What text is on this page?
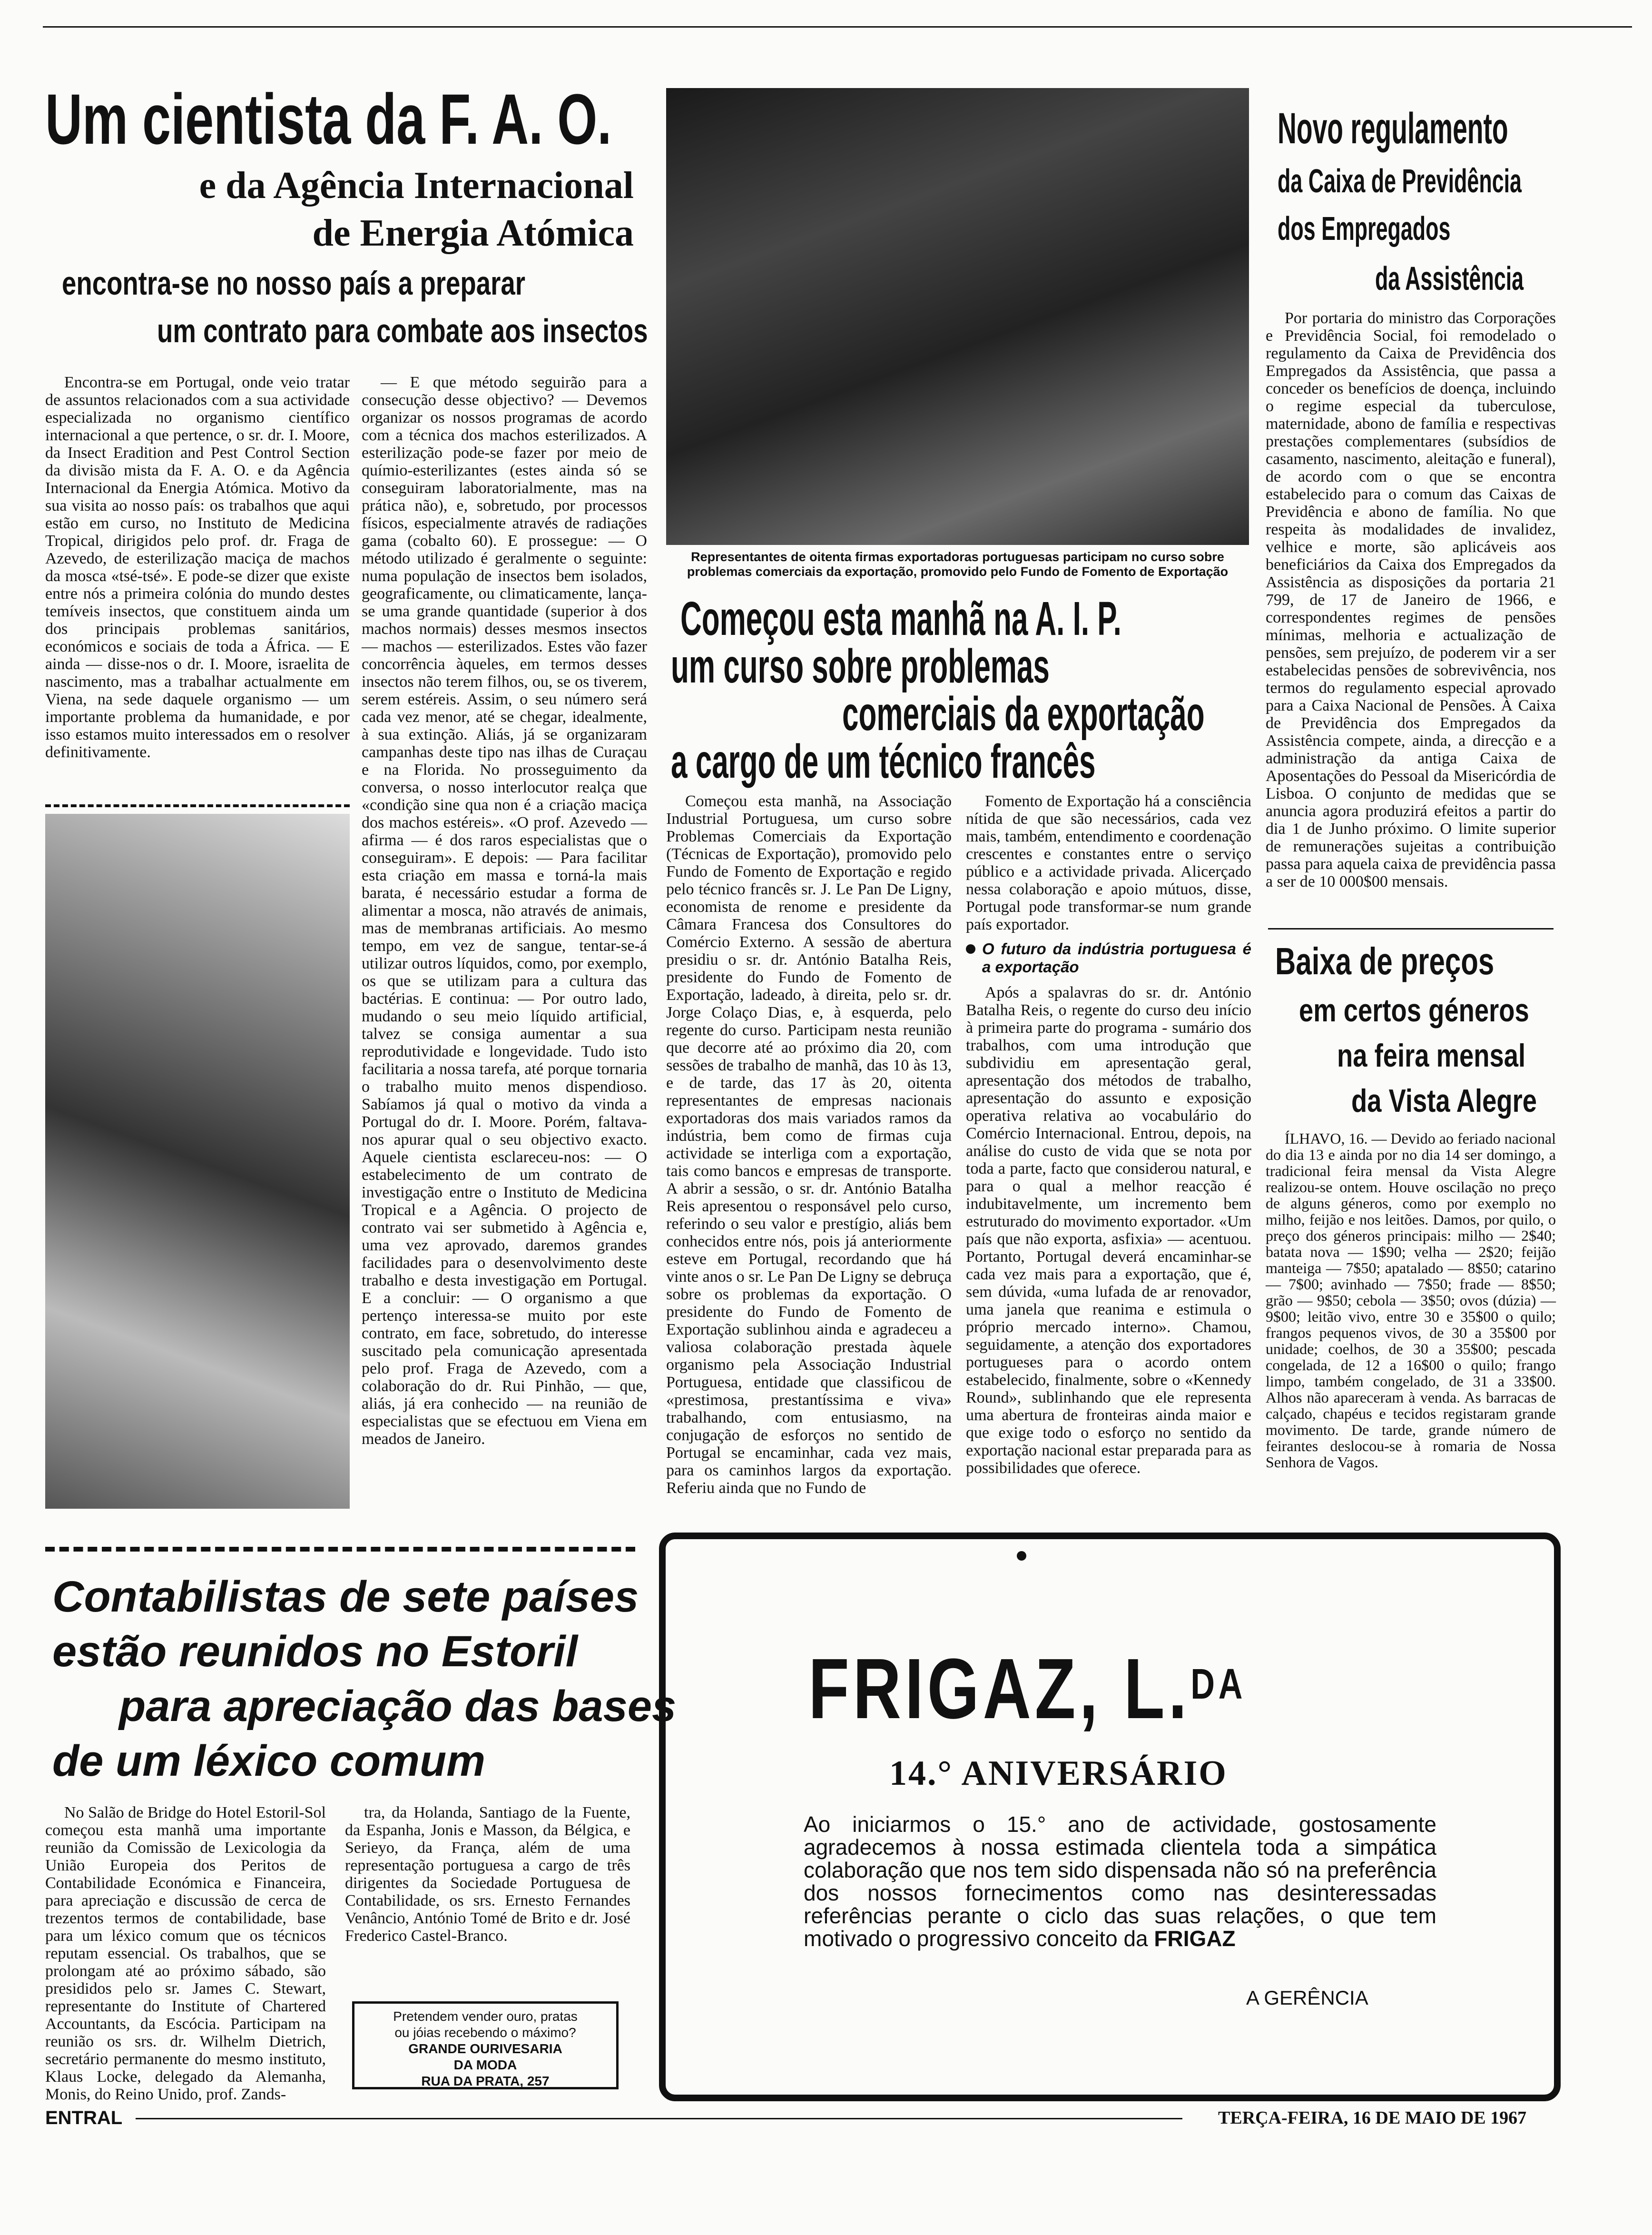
Um cientista da F. A. O.
e da Agência Internacional
de Energia Atómica
encontra-se no nosso país a preparar
um contrato para combate aos insectos

Encontra-se em Portugal, onde veio tratar de assuntos relacionados com a sua actividade especializada no organismo científico internacional a que pertence, o sr. dr. I. Moore, da Insect Eradition and Pest Control Section da divisão mista da F. A. O. e da Agência Internacional da Energia Atómica. Motivo da sua visita ao nosso país: os trabalhos que aqui estão em curso, no Instituto de Medicina Tropical, dirigidos pelo prof. dr. Fraga de Azevedo, de esterilização maciça de machos da mosca «tsé-tsé». E pode-se dizer que existe entre nós a primeira colónia do mundo destes temíveis insectos, que constituem ainda um dos principais problemas sanitários, económicos e sociais de toda a África. — E ainda — disse-nos o dr. I. Moore, israelita de nascimento, mas a trabalhar actualmente em Viena, na sede daquele organismo — um importante problema da humanidade, e por isso estamos muito interessados em o resolver definitivamente.

— E que método seguirão para a consecução desse objectivo? — Devemos organizar os nossos programas de acordo com a técnica dos machos esterilizados. A esterilização pode-se fazer por meio de químio-esterilizantes (estes ainda só se conseguiram laboratorialmente, mas na prática não), e, sobretudo, por processos físicos, especialmente através de radiações gama (cobalto 60). E prossegue: — O método utilizado é geralmente o seguinte: numa população de insectos bem isolados, geograficamente, ou climaticamente, lança-se uma grande quantidade (superior à dos machos normais) desses mesmos insectos — machos — esterilizados. Estes vão fazer concorrência àqueles, em termos desses insectos não terem filhos, ou, se os tiverem, serem estéreis. Assim, o seu número será cada vez menor, até se chegar, idealmente, à sua extinção. Aliás, já se organizaram campanhas deste tipo nas ilhas de Curaçau e na Florida. No prosseguimento da conversa, o nosso interlocutor realça que «condição sine qua non é a criação maciça dos machos estéreis». «O prof. Azevedo — afirma — é dos raros especialistas que o conseguiram». E depois: — Para facilitar esta criação em massa e torná-la mais barata, é necessário estudar a forma de alimentar a mosca, não através de animais, mas de membranas artificiais. Ao mesmo tempo, em vez de sangue, tentar-se-á utilizar outros líquidos, como, por exemplo, os que se utilizam para a cultura das bactérias. E continua: — Por outro lado, mudando o seu meio líquido artificial, talvez se consiga aumentar a sua reprodutividade e longevidade. Tudo isto facilitaria a nossa tarefa, até porque tornaria o trabalho muito menos dispendioso. Sabíamos já qual o motivo da vinda a Portugal do dr. I. Moore. Porém, faltava-nos apurar qual o seu objectivo exacto. Aquele cientista esclareceu-nos: — O estabelecimento de um contrato de investigação entre o Instituto de Medicina Tropical e a Agência. O projecto de contrato vai ser submetido à Agência e, uma vez aprovado, daremos grandes facilidades para o desenvolvimento deste trabalho e desta investigação em Portugal. E a concluir: — O organismo a que pertenço interessa-se muito por este contrato, em face, sobretudo, do interesse suscitado pela comunicação apresentada pelo prof. Fraga de Azevedo, com a colaboração do dr. Rui Pinhão, — que, aliás, já era conhecido — na reunião de especialistas que se efectuou em Viena em meados de Janeiro.

Representantes de oitenta firmas exportadoras portuguesas participam no curso sobre problemas comerciais da exportação, promovido pelo Fundo de Fomento de Exportação
Começou esta manhã na A. I. P.
um curso sobre problemas
comerciais da exportação
a cargo de um técnico francês

Começou esta manhã, na Associação Industrial Portuguesa, um curso sobre Problemas Comerciais da Exportação (Técnicas de Exportação), promovido pelo Fundo de Fomento de Exportação e regido pelo técnico francês sr. J. Le Pan De Ligny, economista de renome e presidente da Câmara Francesa dos Consultores do Comércio Externo. A sessão de abertura presidiu o sr. dr. António Batalha Reis, presidente do Fundo de Fomento de Exportação, ladeado, à direita, pelo sr. dr. Jorge Colaço Dias, e, à esquerda, pelo regente do curso. Participam nesta reunião que decorre até ao próximo dia 20, com sessões de trabalho de manhã, das 10 às 13, e de tarde, das 17 às 20, oitenta representantes de empresas nacionais exportadoras dos mais variados ramos da indústria, bem como de firmas cuja actividade se interliga com a exportação, tais como bancos e empresas de transporte. A abrir a sessão, o sr. dr. António Batalha Reis apresentou o responsável pelo curso, referindo o seu valor e prestígio, aliás bem conhecidos entre nós, pois já anteriormente esteve em Portugal, recordando que há vinte anos o sr. Le Pan De Ligny se debruça sobre os problemas da exportação. O presidente do Fundo de Fomento de Exportação sublinhou ainda e agradeceu a valiosa colaboração prestada àquele organismo pela Associação Industrial Portuguesa, entidade que classificou de «prestimosa, prestantíssima e viva» trabalhando, com entusiasmo, na conjugação de esforços no sentido de Portugal se encaminhar, cada vez mais, para os caminhos largos da exportação. Referiu ainda que no Fundo de

Fomento de Exportação há a consciência nítida de que são necessários, cada vez mais, também, entendimento e coordenação crescentes e constantes entre o serviço público e a actividade privada. Alicerçado nessa colaboração e apoio mútuos, disse, Portugal pode transformar-se num grande país exportador.

O futuro da indústria portuguesa é a exportação

Após a spalavras do sr. dr. António Batalha Reis, o regente do curso deu início à primeira parte do programa - sumário dos trabalhos, com uma introdução que subdividiu em apresentação geral, apresentação dos métodos de trabalho, apresentação do assunto e exposição operativa relativa ao vocabulário do Comércio Internacional. Entrou, depois, na análise do custo de vida que se nota por toda a parte, facto que considerou natural, e para o qual a melhor reacção é indubitavelmente, um incremento bem estruturado do movimento exportador. «Um país que não exporta, asfixia» — acentuou. Portanto, Portugal deverá encaminhar-se cada vez mais para a exportação, que é, sem dúvida, «uma lufada de ar renovador, uma janela que reanima e estimula o próprio mercado interno». Chamou, seguidamente, a atenção dos exportadores portugueses para o acordo ontem estabelecido, finalmente, sobre o «Kennedy Round», sublinhando que ele representa uma abertura de fronteiras ainda maior e que exige todo o esforço no sentido da exportação nacional estar preparada para as possibilidades que oferece.

Novo regulamento
da Caixa de Previdência
dos Empregados
da Assistência

Por portaria do ministro das Corporações e Previdência Social, foi remodelado o regulamento da Caixa de Previdência dos Empregados da Assistência, que passa a conceder os benefícios de doença, incluindo o regime especial da tuberculose, maternidade, abono de família e respectivas prestações complementares (subsídios de casamento, nascimento, aleitação e funeral), de acordo com o que se encontra estabelecido para o comum das Caixas de Previdência e abono de família. No que respeita às modalidades de invalidez, velhice e morte, são aplicáveis aos beneficiários da Caixa dos Empregados da Assistência as disposições da portaria 21 799, de 17 de Janeiro de 1966, e correspondentes regimes de pensões mínimas, melhoria e actualização de pensões, sem prejuízo, de poderem vir a ser estabelecidas pensões de sobrevivência, nos termos do regulamento especial aprovado para a Caixa Nacional de Pensões. À Caixa de Previdência dos Empregados da Assistência compete, ainda, a direcção e a administração da antiga Caixa de Aposentações do Pessoal da Misericórdia de Lisboa. O conjunto de medidas que se anuncia agora produzirá efeitos a partir do dia 1 de Junho próximo. O limite superior de remunerações sujeitas a contribuição passa para aquela caixa de previdência passa a ser de 10 000$00 mensais.

Baixa de preços
em certos géneros
na feira mensal
da Vista Alegre

ÍLHAVO, 16. — Devido ao feriado nacional do dia 13 e ainda por no dia 14 ser domingo, a tradicional feira mensal da Vista Alegre realizou-se ontem. Houve oscilação no preço de alguns géneros, como por exemplo no milho, feijão e nos leitões. Damos, por quilo, o preço dos géneros principais: milho — 2$40; batata nova — 1$90; velha — 2$20; feijão manteiga — 7$50; apatalado — 8$50; catarino — 7$00; avinhado — 7$50; frade — 8$50; grão — 9$50; cebola — 3$50; ovos (dúzia) — 9$00; leitão vivo, entre 30 e 35$00 o quilo; frangos pequenos vivos, de 30 a 35$00 por unidade; coelhos, de 30 a 35$00; pescada congelada, de 12 a 16$00 o quilo; frango limpo, também congelado, de 31 a 33$00. Alhos não apareceram à venda. As barracas de calçado, chapéus e tecidos registaram grande movimento. De tarde, grande número de feirantes deslocou-se à romaria de Nossa Senhora de Vagos.

Contabilistas de sete países
estão reunidos no Estoril
para apreciação das bases
de um léxico comum

No Salão de Bridge do Hotel Estoril-Sol começou esta manhã uma importante reunião da Comissão de Lexicologia da União Europeia dos Peritos de Contabilidade Económica e Financeira, para apreciação e discussão de cerca de trezentos termos de contabilidade, base para um léxico comum que os técnicos reputam essencial. Os trabalhos, que se prolongam até ao próximo sábado, são presididos pelo sr. James C. Stewart, representante do Institute of Chartered Accountants, da Escócia. Participam na reunião os srs. dr. Wilhelm Dietrich, secretário permanente do mesmo instituto, Klaus Locke, delegado da Alemanha, Monis, do Reino Unido, prof. Zands-

tra, da Holanda, Santiago de la Fuente, da Espanha, Jonis e Masson, da Bélgica, e Serieyo, da França, além de uma representação portuguesa a cargo de três dirigentes da Sociedade Portuguesa de Contabilidade, os srs. Ernesto Fernandes Venâncio, António Tomé de Brito e dr. José Frederico Castel-Branco.

Pretendem vender ouro, pratas
ou jóias recebendo o máximo?
GRANDE OURIVESARIA
DA MODA
RUA DA PRATA, 257
FRIGAZ, L.$^{DA}$
14.° ANIVERSÁRIO
Ao iniciarmos o 15.° ano de actividade, gostosamente agradecemos à nossa estimada clientela toda a simpática colaboração que nos tem sido dispensada não só na preferência dos nossos fornecimentos como nas desinteressadas referências perante o ciclo das suas relações, o que tem motivado o progressivo conceito da FRIGAZ
A GERÊNCIA
ENTRAL	TERÇA-FEIRA, 16 DE MAIO DE 1967
